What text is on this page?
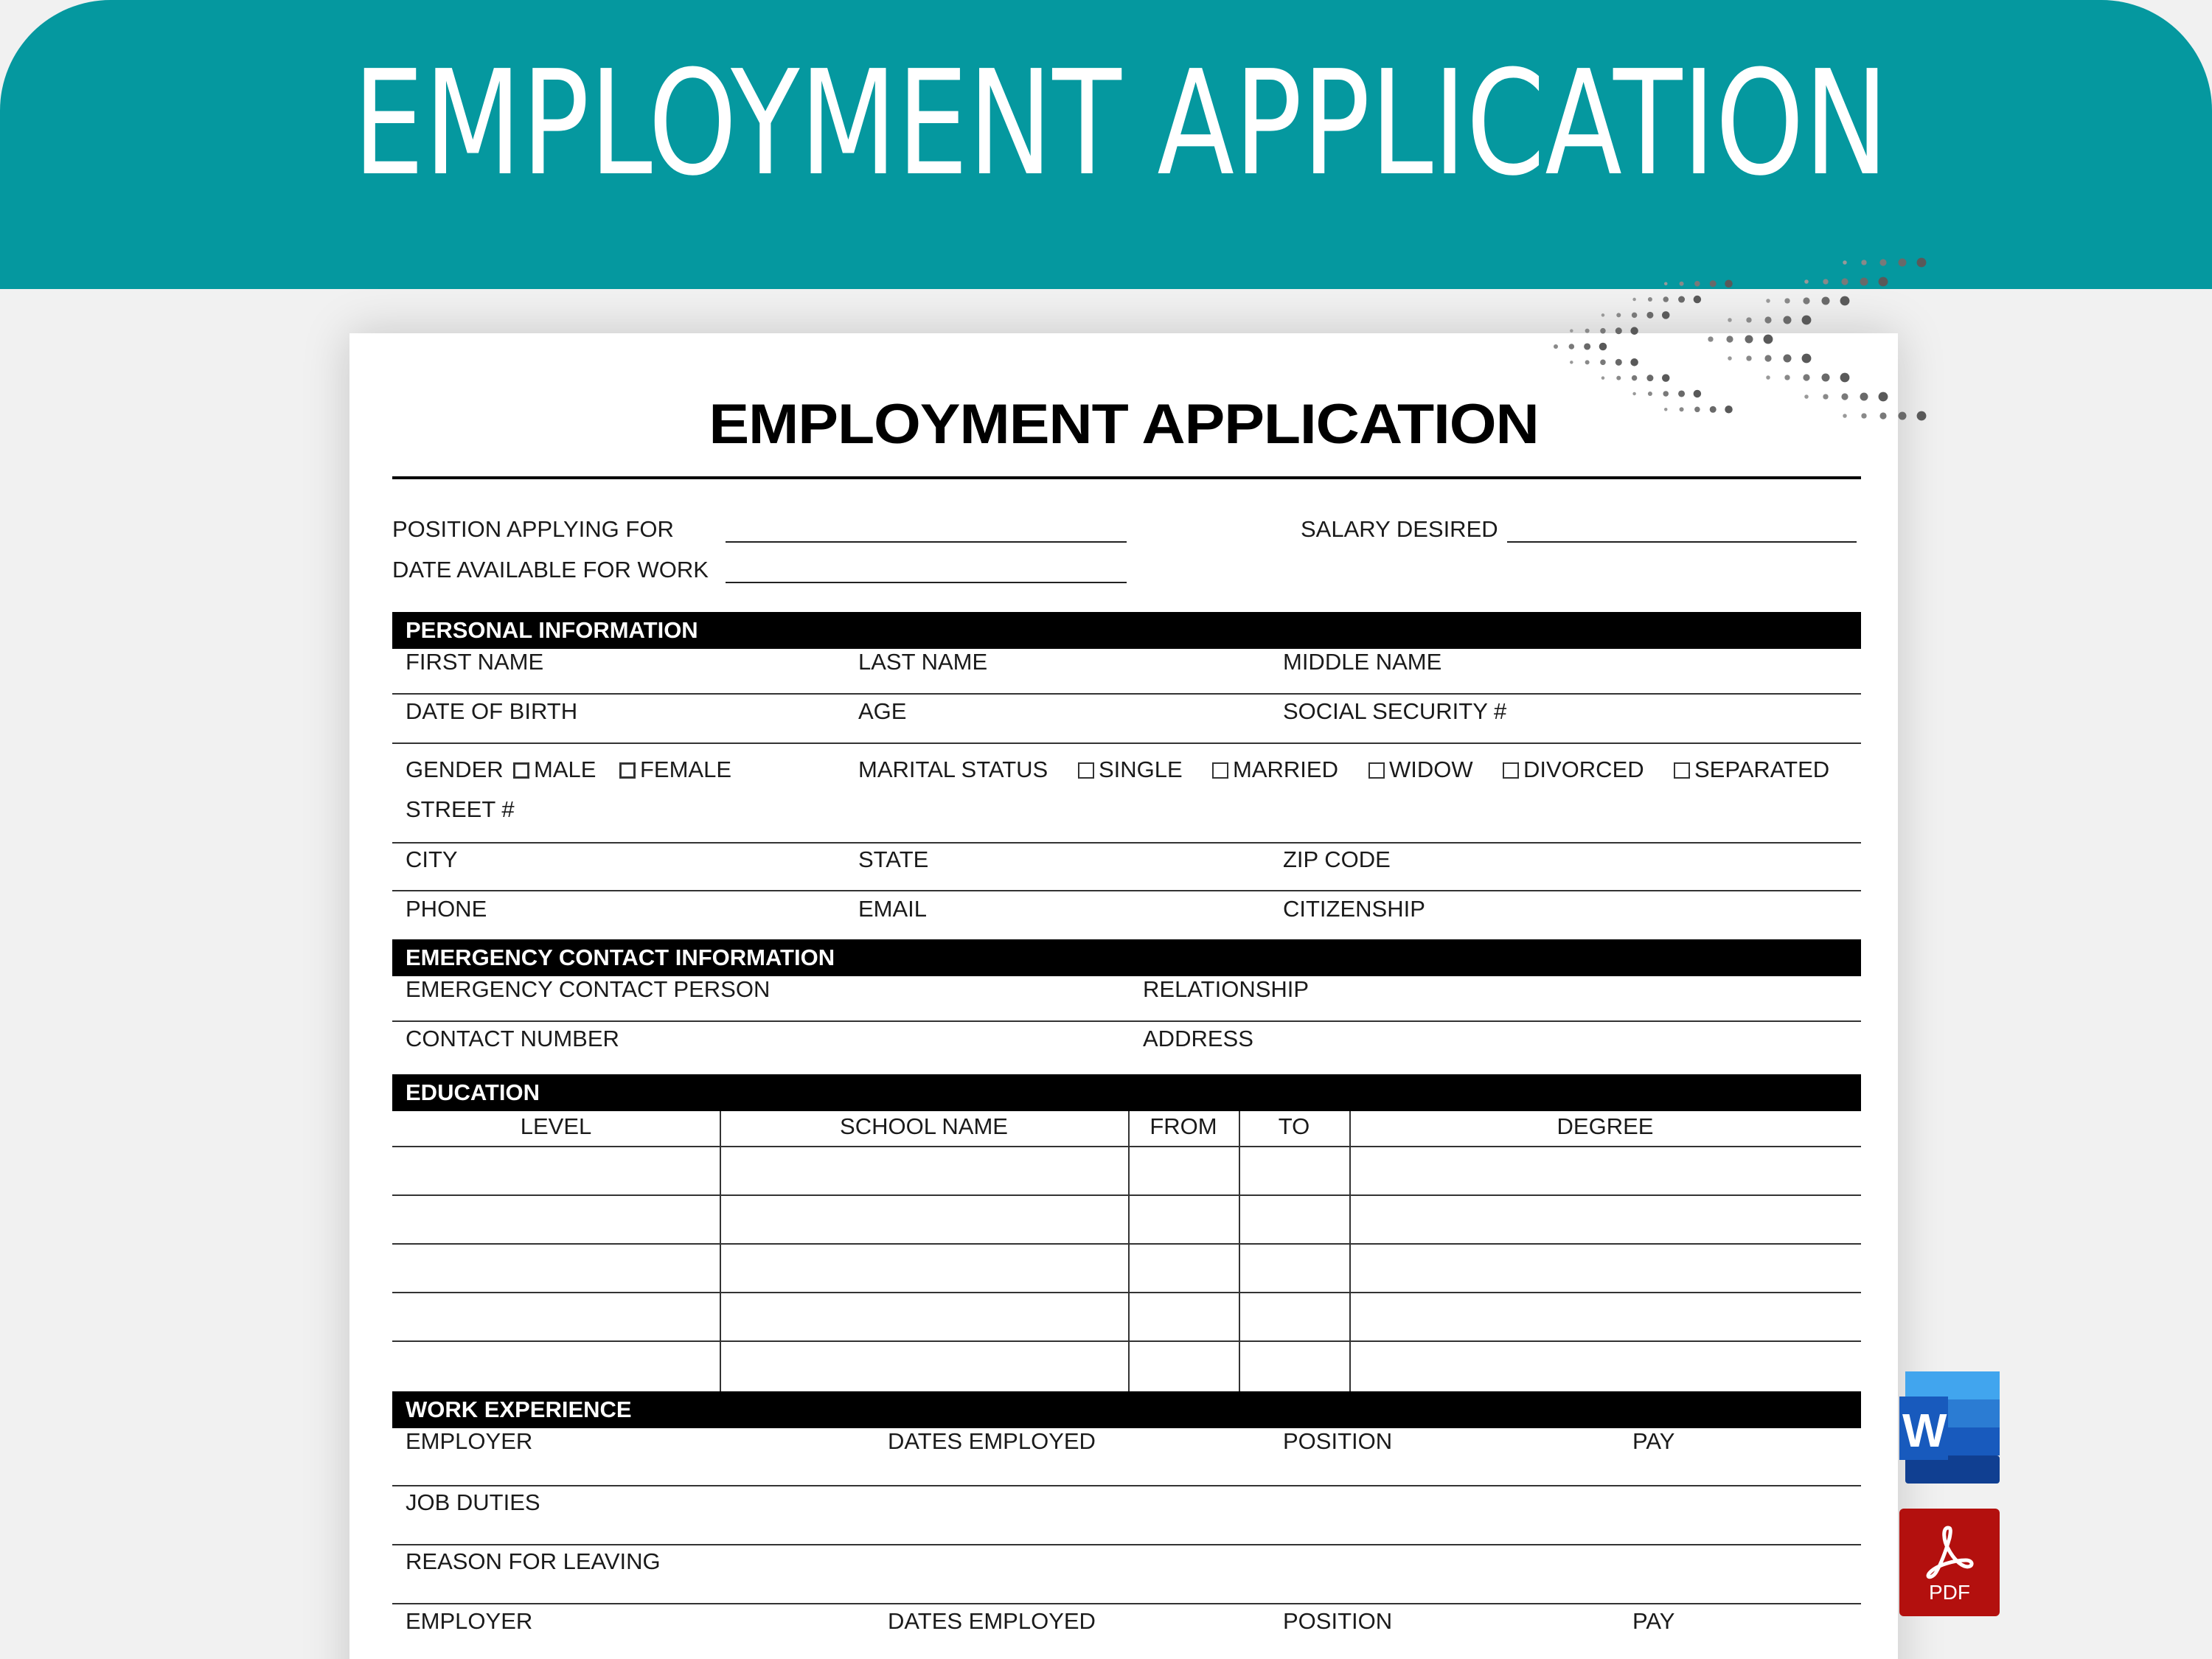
EMPLOYMENT APPLICATION
EMPLOYMENT APPLICATION
POSITION APPLYING FOR	SALARY DESIRED
DATE AVAILABLE FOR WORK
PERSONAL INFORMATION
FIRST NAME	LAST NAME	MIDDLE NAME
DATE OF BIRTH	AGE	SOCIAL SECURITY #
GENDER	MALE	FEMALE	MARITAL STATUS	SINGLE	MARRIED	WIDOW	DIVORCED	SEPARATED
STREET #
CITY	STATE	ZIP CODE
PHONE	EMAIL	CITIZENSHIP
EMERGENCY CONTACT INFORMATION
EMERGENCY CONTACT PERSON	RELATIONSHIP
CONTACT NUMBER	ADDRESS
EDUCATION
LEVEL	SCHOOL NAME	FROM	TO	DEGREE
WORK EXPERIENCE
EMPLOYER	DATES EMPLOYED	POSITION	PAY
JOB DUTIES
REASON FOR LEAVING
EMPLOYER	DATES EMPLOYED	POSITION	PAY
W
PDF
